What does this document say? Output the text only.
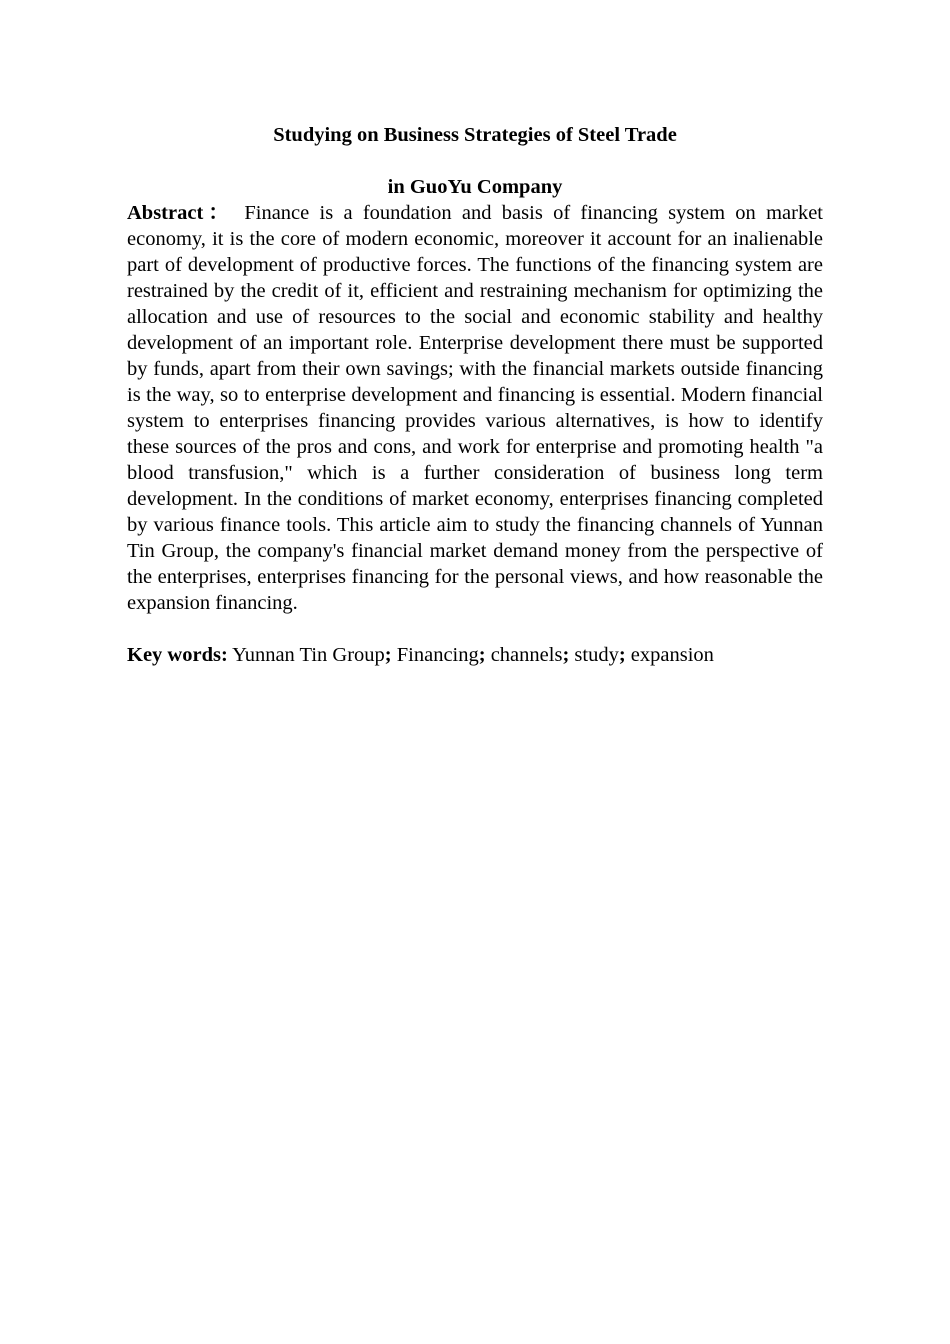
Studying on Business Strategies of Steel Trade

in GuoYu Company

Abstract： Finance is a foundation and basis of financing system on market economy, it is the core of modern economic, moreover it account for an inalienable part of development of productive forces. The functions of the financing system are restrained by the credit of it, efficient and restraining mechanism for optimizing the allocation and use of resources to the social and economic stability and healthy development of an important role. Enterprise development there must be supported by funds, apart from their own savings; with the financial markets outside financing is the way, so to enterprise development and financing is essential. Modern financial system to enterprises financing provides various alternatives, is how to identify these sources of the pros and cons, and work for enterprise and promoting health "a blood transfusion," which is a further consideration of business long term development. In the conditions of market economy, enterprises financing completed by various finance tools. This article aim to study the financing channels of Yunnan Tin Group, the company's financial market demand money from the perspective of the enterprises, enterprises financing for the personal views, and how reasonable the expansion financing.

Key words: Yunnan Tin Group; Financing; channels; study; expansion
